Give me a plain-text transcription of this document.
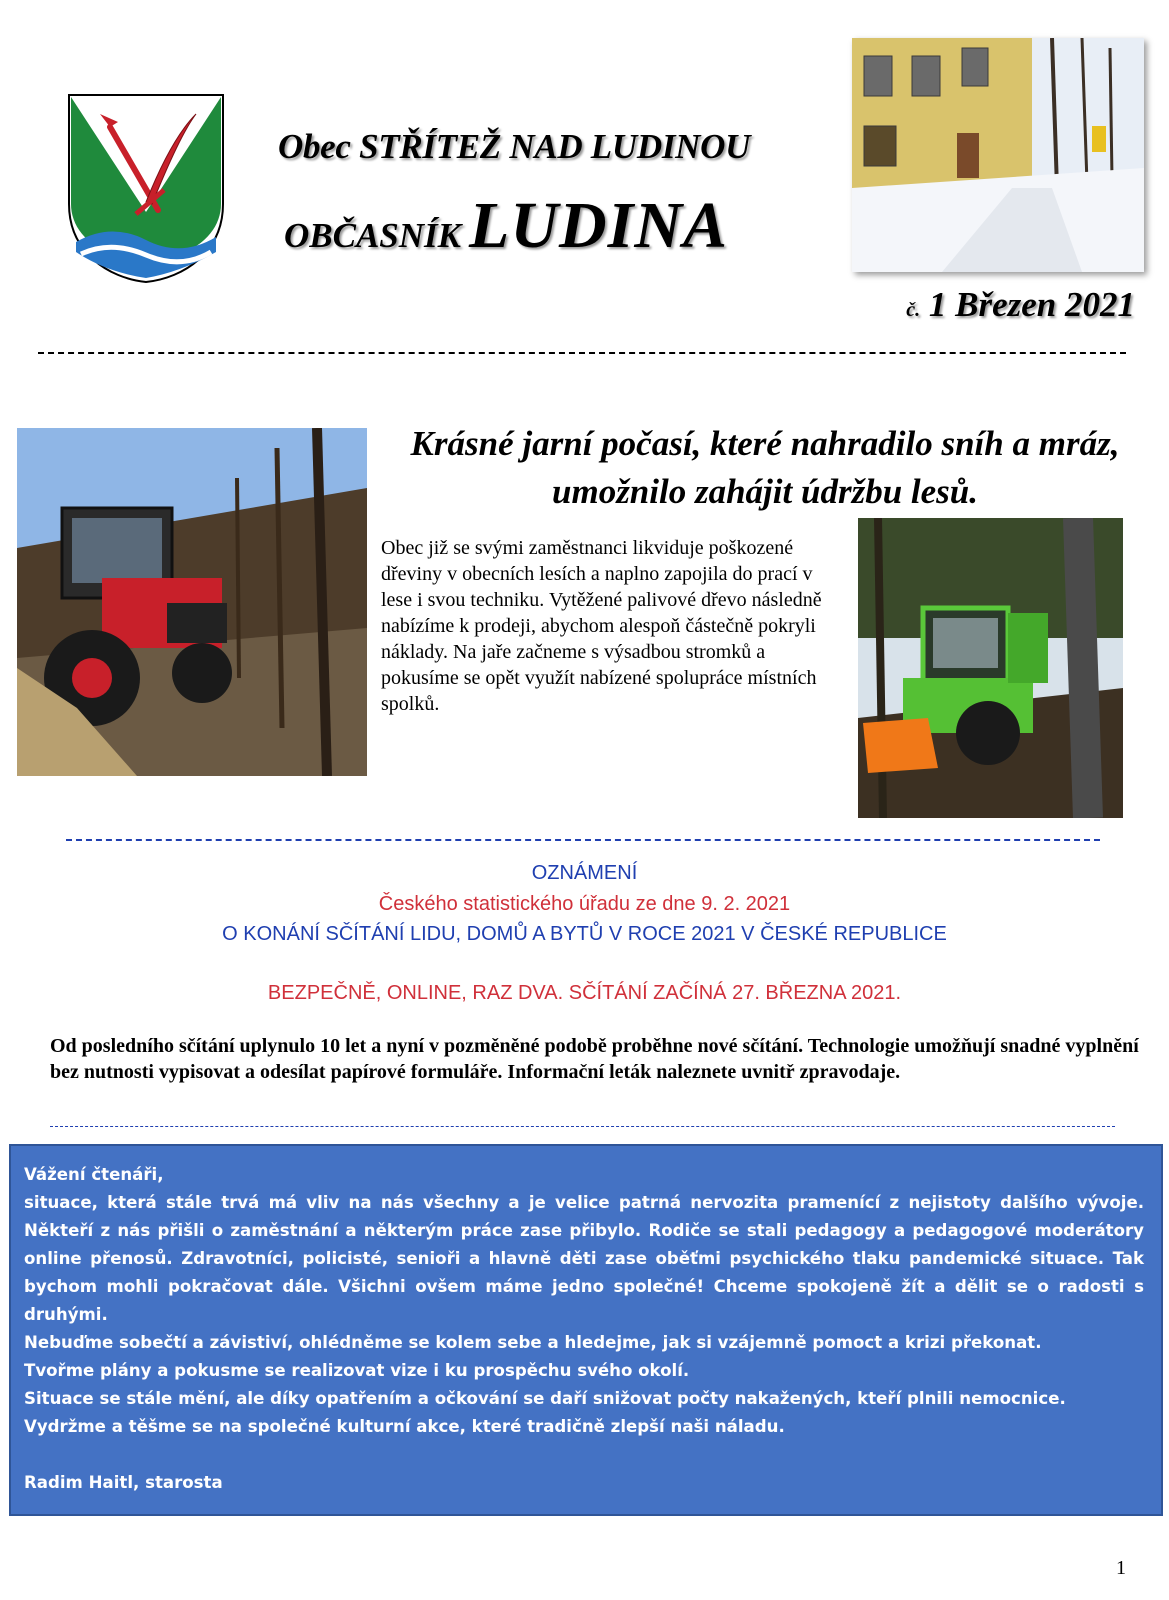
Obec STŘÍTEŽ NAD LUDINOU
OBČASNÍK LUDINA
č. 1 Březen 2021
Krásné jarní počasí, které nahradilo sníh a mráz, umožnilo zahájit údržbu lesů.
Obec již se svými zaměstnanci likviduje poškozené dřeviny v obecních lesích a naplno zapojila do prací v lese i svou techniku. Vytěžené palivové dřevo následně nabízíme k prodeji, abychom alespoň částečně pokryli náklady. Na jaře začneme s výsadbou stromků a pokusíme se opět využít nabízené spolupráce místních spolků.
OZNÁMENÍ
Českého statistického úřadu ze dne 9. 2. 2021
O KONÁNÍ SČÍTÁNÍ LIDU, DOMŮ A BYTŮ V ROCE 2021 V ČESKÉ REPUBLICE
BEZPEČNĚ, ONLINE, RAZ DVA. SČÍTÁNÍ ZAČÍNÁ 27. BŘEZNA 2021.
Od posledního sčítání uplynulo 10 let a nyní v pozměněné podobě proběhne nové sčítání. Technologie umožňují snadné vyplnění bez nutnosti vypisovat a odesílat papírové formuláře. Informační leták naleznete uvnitř zpravodaje.

Vážení čtenáři,

situace, která stále trvá má vliv na nás všechny a je velice patrná nervozita pramenící z nejistoty dalšího vývoje. Někteří z nás přišli o zaměstnání a některým práce zase přibylo. Rodiče se stali pedagogy a pedagogové moderátory online přenosů. Zdravotníci, policisté, senioři a hlavně děti zase oběťmi psychického tlaku pandemické situace. Tak bychom mohli pokračovat dále. Všichni ovšem máme jedno společné! Chceme spokojeně žít a dělit se o radosti s druhými.

Nebuďme sobečtí a závistiví, ohlédněme se kolem sebe a hledejme, jak si vzájemně pomoct a krizi překonat.

Tvořme plány a pokusme se realizovat vize i ku prospěchu svého okolí.

Situace se stále mění, ale díky opatřením a očkování se daří snižovat počty nakažených, kteří plnili nemocnice.

Vydržme a těšme se na společné kulturní akce, které tradičně zlepší naši náladu.

Radim Haitl, starosta

1
